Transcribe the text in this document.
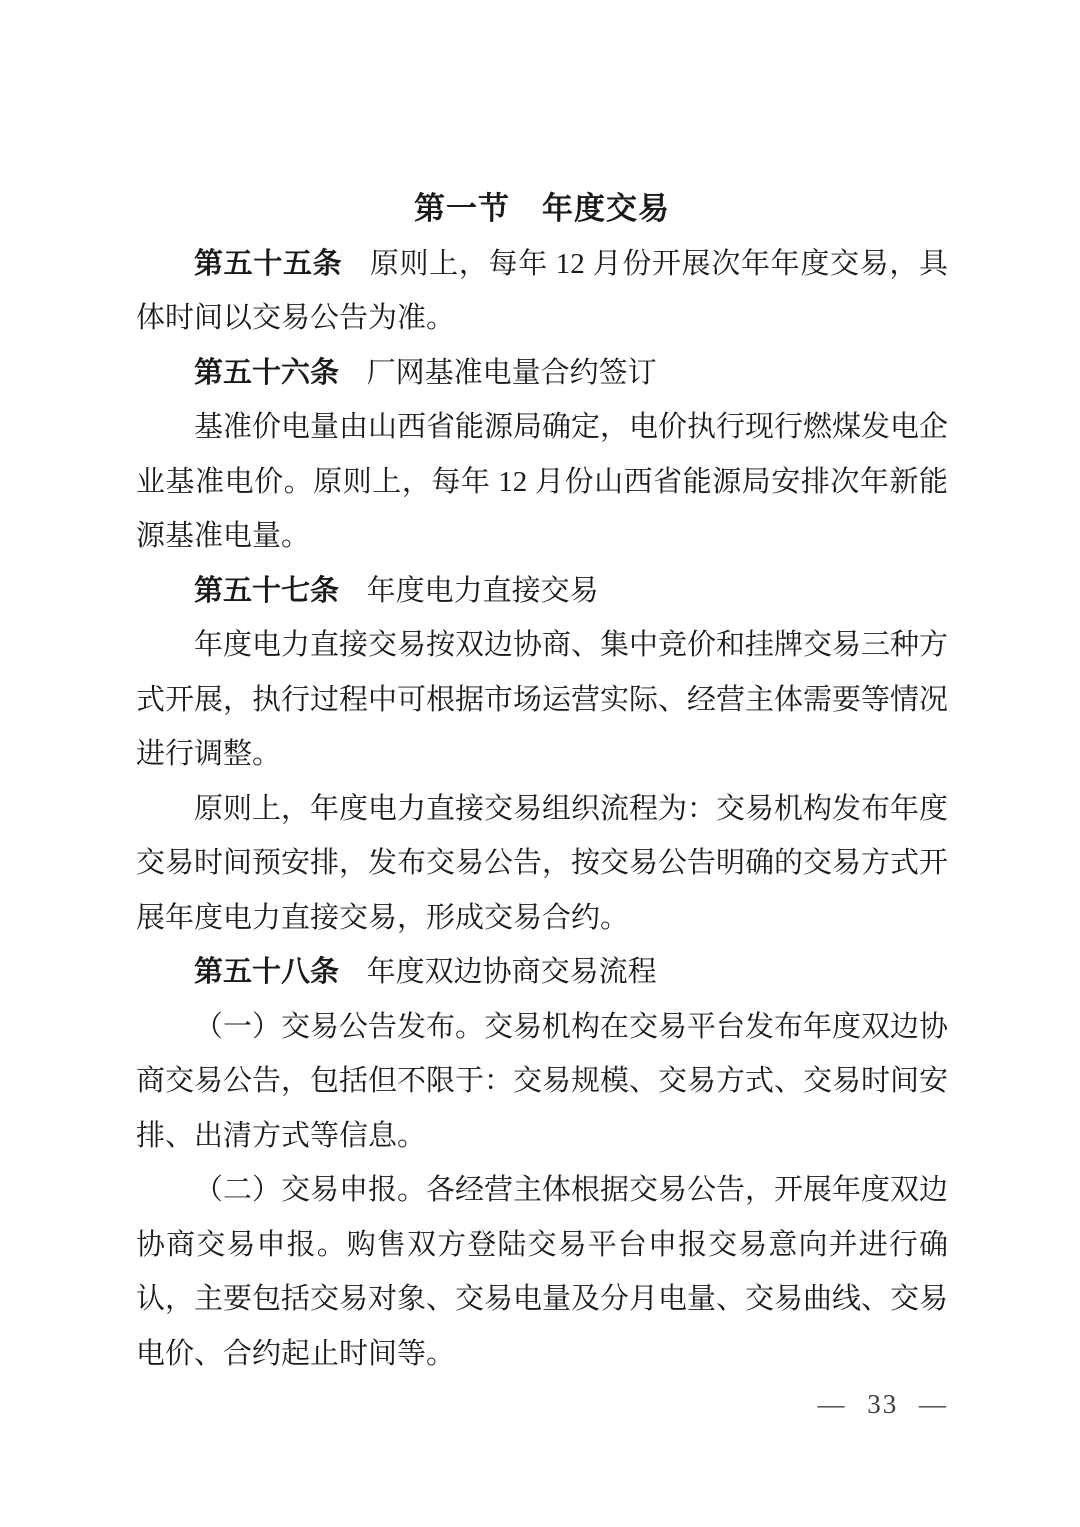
第一节　年度交易

第五十五条 原则上，每年 12 月份开展次年年度交易，具体时间以交易公告为准。

第五十六条 厂网基准电量合约签订

基准价电量由山西省能源局确定，电价执行现行燃煤发电企业基准电价。原则上，每年 12 月份山西省能源局安排次年新能源基准电量。

第五十七条 年度电力直接交易

年度电力直接交易按双边协商、集中竞价和挂牌交易三种方式开展，执行过程中可根据市场运营实际、经营主体需要等情况进行调整。

原则上，年度电力直接交易组织流程为：交易机构发布年度交易时间预安排，发布交易公告，按交易公告明确的交易方式开展年度电力直接交易，形成交易合约。

第五十八条 年度双边协商交易流程

（一）交易公告发布。交易机构在交易平台发布年度双边协商交易公告，包括但不限于：交易规模、交易方式、交易时间安排、出清方式等信息。

（二）交易申报。各经营主体根据交易公告，开展年度双边协商交易申报。购售双方登陆交易平台申报交易意向并进行确认，主要包括交易对象、交易电量及分月电量、交易曲线、交易电价、合约起止时间等。

— 33 —
